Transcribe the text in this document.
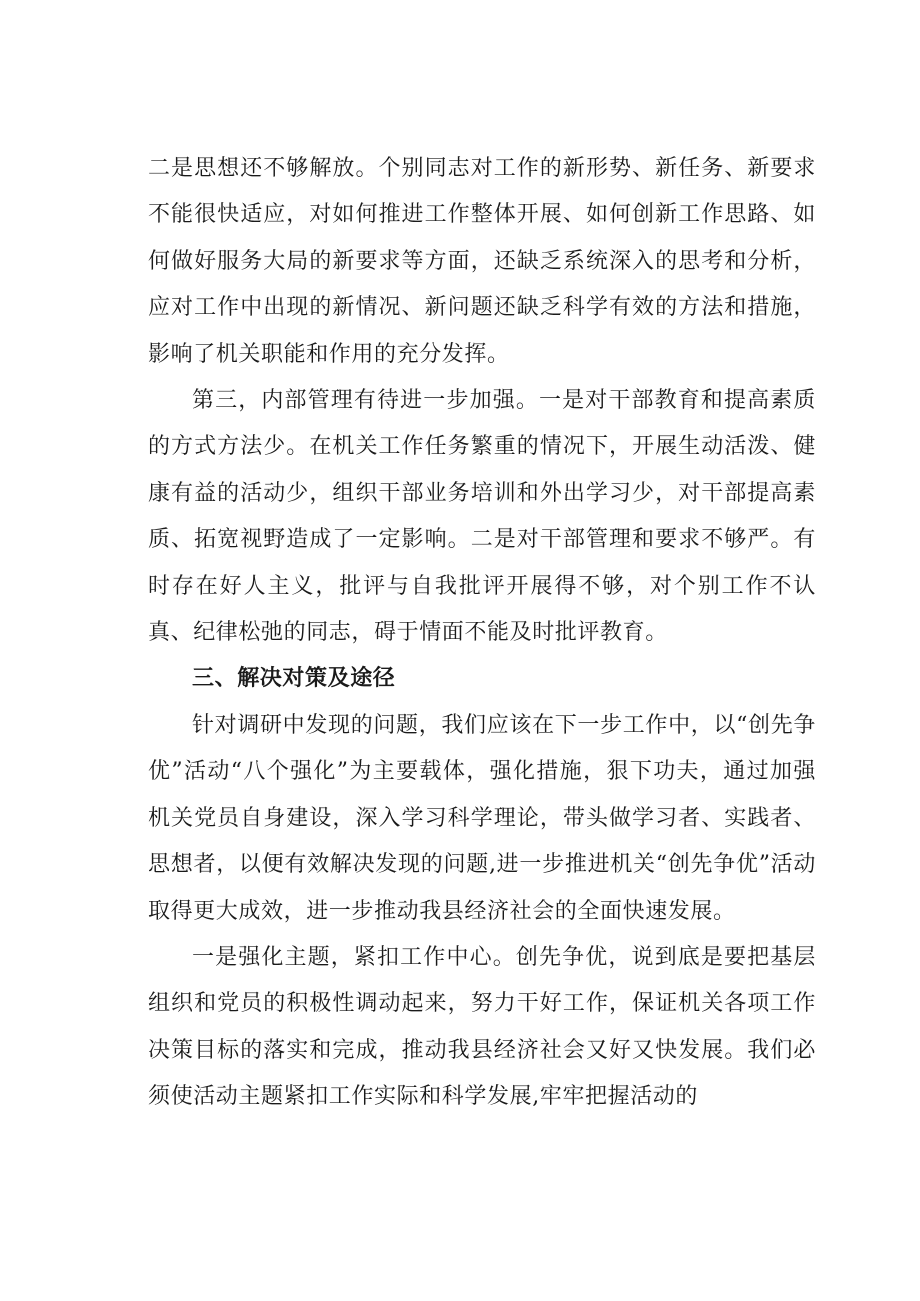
二是思想还不够解放。个别同志对工作的新形势、新任务、新要求不能很快适应，对如何推进工作整体开展、如何创新工作思路、如何做好服务大局的新要求等方面，还缺乏系统深入的思考和分析，应对工作中出现的新情况、新问题还缺乏科学有效的方法和措施，影响了机关职能和作用的充分发挥。

第三，内部管理有待进一步加强。一是对干部教育和提高素质的方式方法少。在机关工作任务繁重的情况下，开展生动活泼、健康有益的活动少，组织干部业务培训和外出学习少，对干部提高素质、拓宽视野造成了一定影响。二是对干部管理和要求不够严。有时存在好人主义，批评与自我批评开展得不够，对个别工作不认真、纪律松弛的同志，碍于情面不能及时批评教育。

三、解决对策及途径

针对调研中发现的问题，我们应该在下一步工作中，以“创先争优”活动“八个强化”为主要载体，强化措施，狠下功夫，通过加强机关党员自身建设，深入学习科学理论，带头做学习者、实践者、思想者，以便有效解决发现的问题,进一步推进机关“创先争优”活动取得更大成效，进一步推动我县经济社会的全面快速发展。

一是强化主题，紧扣工作中心。创先争优，说到底是要把基层组织和党员的积极性调动起来，努力干好工作，保证机关各项工作决策目标的落实和完成，推动我县经济社会又好又快发展。我们必须使活动主题紧扣工作实际和科学发展,牢牢把握活动的
